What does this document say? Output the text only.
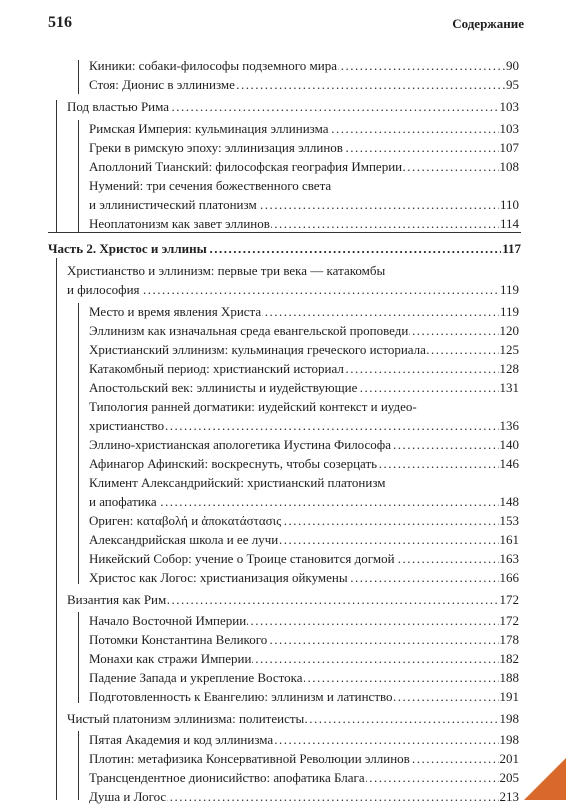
516	Содержание
Киники: собаки-философы подземного мира .....	90
Стоя: Дионис в эллинизме .....	95
Под властью Рима .....	103
Римская Империя: кульминация эллинизма .....	103
Греки в римскую эпоху: эллинизация эллинов .....	107
Аполлоний Тианский: философская география Империи .....	108
Нумений: три сечения божественного света
и эллинистический платонизм .....	110
Неоплатонизм как завет эллинов .....	114
Часть 2. Христос и эллины .....	117
Христианство и эллинизм: первые три века — катакомбы
и философия .....	119
Место и время явления Христа .....	119
Эллинизм как изначальная среда евангельской проповеди .....	120
Христианский эллинизм: кульминация греческого историала .....	125
Катакомбный период: христианский историал .....	128
Апостольский век: эллинисты и иудействующие .....	131
Типология ранней догматики: иудейский контекст и иудео-
христианство .....	136
Эллино-христианская апологетика Иустина Философа .....	140
Афинагор Афинский: воскреснуть, чтобы созерцать .....	146
Климент Александрийский: христианский платонизм
и апофатика .....	148
Ориген: καταβολή и ἀποκατάστασις .....	153
Александрийская школа и ее лучи .....	161
Никейский Собор: учение о Троице становится догмой .....	163
Христос как Логос: христианизация ойкумены .....	166
Византия как Рим .....	172
Начало Восточной Империи .....	172
Потомки Константина Великого .....	178
Монахи как стражи Империи .....	182
Падение Запада и укрепление Востока .....	188
Подготовленность к Евангелию: эллинизм и латинство .....	191
Чистый платонизм эллинизма: политеисты .....	198
Пятая Академия и код эллинизма .....	198
Плотин: метафизика Консервативной Революции эллинов .....	201
Трансцендентное дионисийство: апофатика Блага .....	205
Душа и Логос .....	213
